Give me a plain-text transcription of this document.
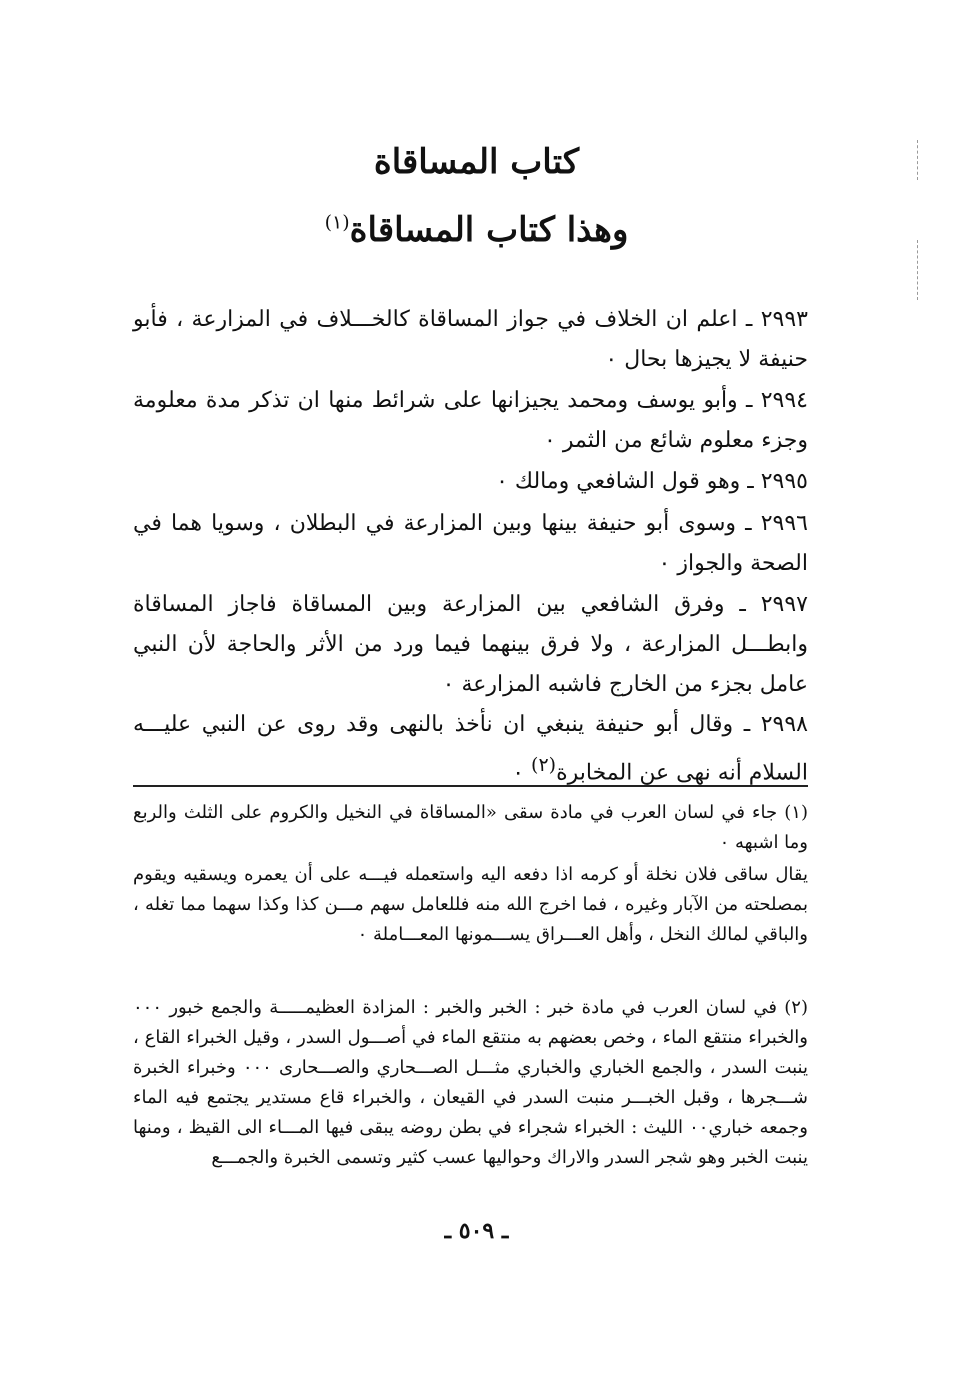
كتاب المساقاة
وهذا كتاب المساقاة$^{(١)}$
٢٩٩٣ ـ اعلم ان الخلاف في جواز المساقاة كالخـــلاف في المزارعة ، فأبو حنيفة لا يجيزها بحال ٠
٢٩٩٤ ـ وأبو يوسف ومحمد يجيزانها على شرائط منها ان تذكر مدة معلومة وجزء معلوم شائع من الثمر ٠
٢٩٩٥ ـ وهو قول الشافعي ومالك ٠
٢٩٩٦ ـ وسوى أبو حنيفة بينها وبين المزارعة في البطلان ، وسويا هما في الصحة والجواز ٠
٢٩٩٧ ـ وفرق الشافعي بين المزارعة وبين المساقاة فاجاز المساقاة وابطـــل المزارعة ، ولا فرق بينهما فيما ورد من الأثر والحاجة لأن النبي عامل بجزء من الخارج فاشبه المزارعة ٠
٢٩٩٨ ـ وقال أبو حنيفة ينبغي ان نأخذ بالنهى وقد روى عن النبي عليـــه السلام أنه نهى عن المخابرة(٢) ٠
(١) جاء في لسان العرب في مادة سقى «المساقاة في النخيل والكروم على الثلث والربع وما اشبهه ٠
يقال ساقى فلان نخلة أو كرمه اذا دفعه اليه واستعمله فيـــه على أن يعمره ويسقيه ويقوم بمصلحته من الآبار وغيره ، فما اخرج الله منه فللعامل سهم مـــن كذا وكذا سهما مما تغله ، والباقي لمالك النخل ، وأهل العـــراق يســـمونها المعـــاملة ٠
(٢) في لسان العرب في مادة خبر : الخبر والخبر : المزادة العظيمـــــة والجمع خبور ٠٠٠ والخبراء منتقع الماء ، وخص بعضهم به منتقع الماء في أصـــول السدر ، وقيل الخبراء القاع ، ينبت السدر ، والجمع الخباري والخباري مثـــل الصـــحاري والصـــحارى ٠٠٠ وخبراء الخبرة شـــجرها ، وقبل الخبـــر منبت السدر في القيعان ، والخبراء قاع مستدير يجتمع فيه الماء وجمعه خباري٠٠ الليث : الخبراء شجراء في بطن روضه يبقى فيها المـــاء الى القيظ ، ومنها ينبت الخبر وهو شجر السدر والاراك وحواليها عسب كثير وتسمى الخبرة والجمـــع
ـ ٥٠٩ ـ
